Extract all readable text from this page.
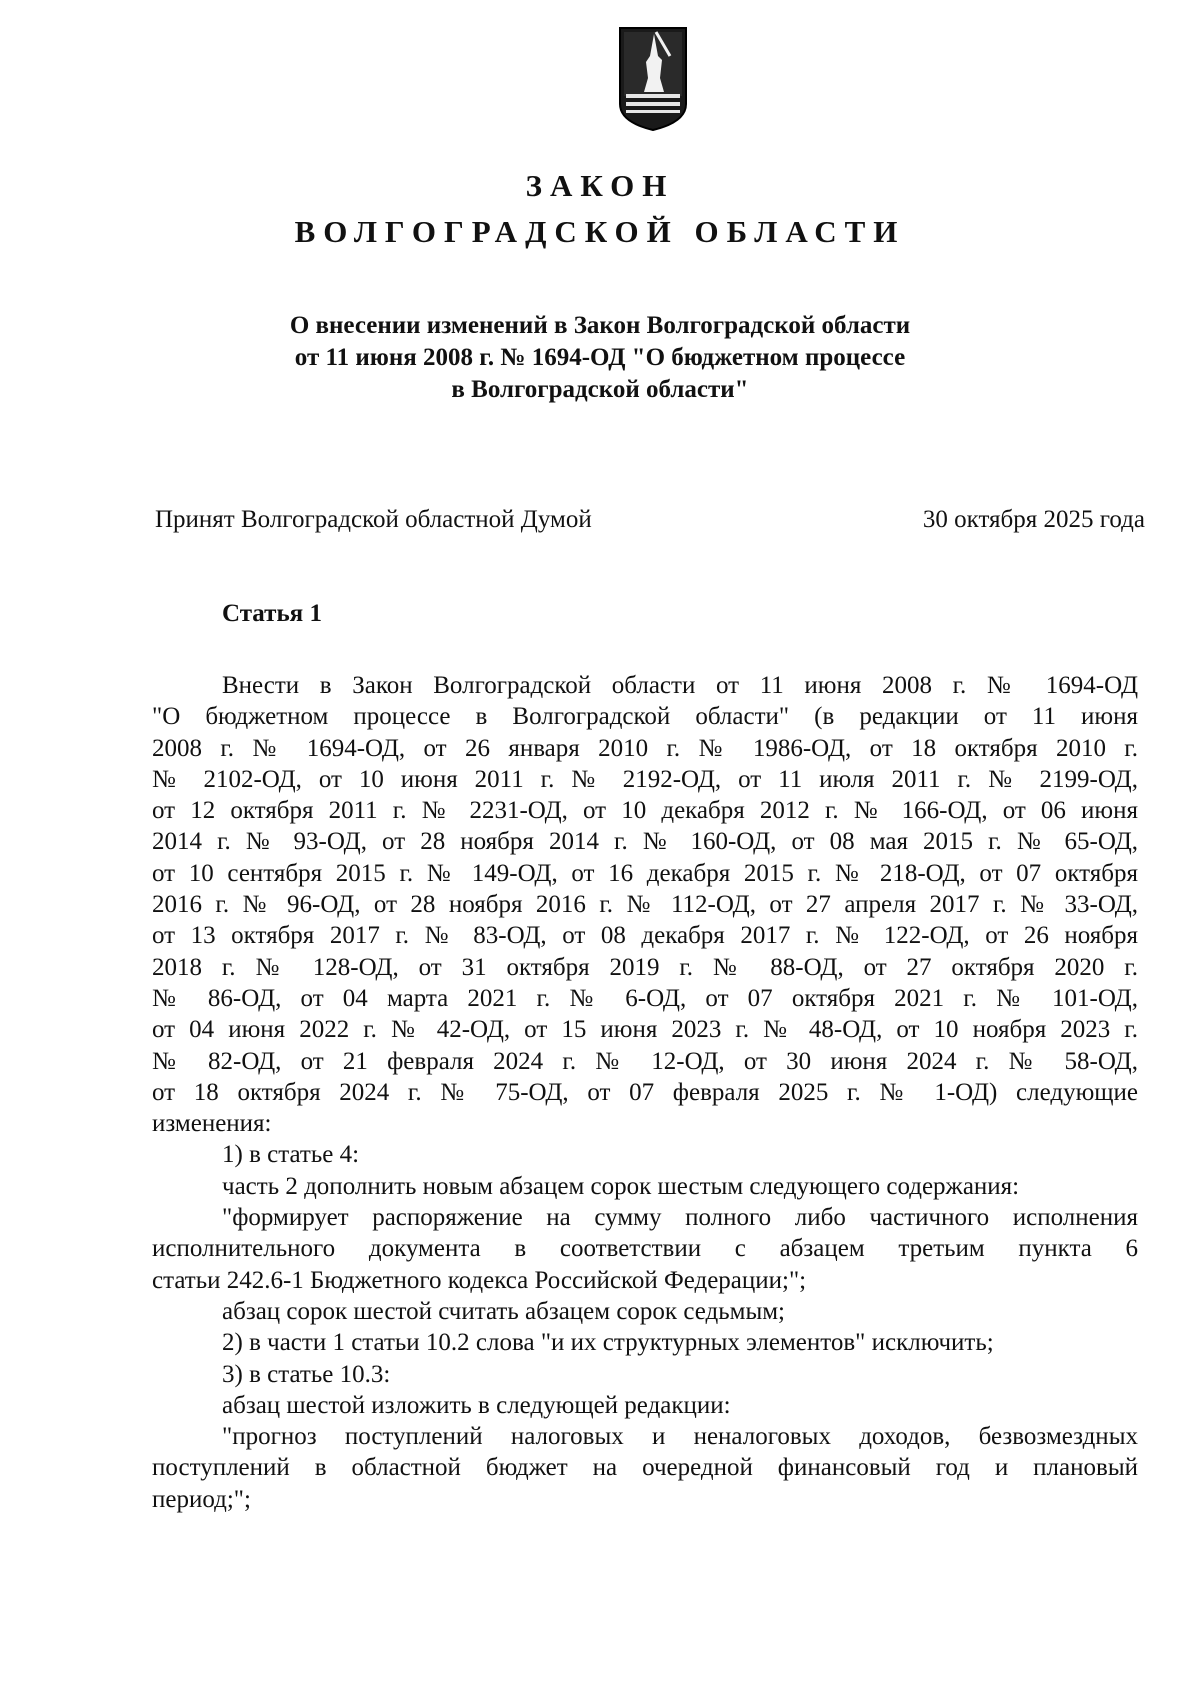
ЗАКОН
ВОЛГОГРАДСКОЙ ОБЛАСТИ
О внесении изменений в Закон Волгоградской области
от 11 июня 2008 г. № 1694-ОД "О бюджетном процессе
в Волгоградской области"
Принят Волгоградской областной Думой	30 октября 2025 года
Статья 1
Внести в Закон Волгоградской области от 11 июня 2008 г. № 1694-ОД
"О бюджетном процессе в Волгоградской области" (в редакции от 11 июня
2008 г. № 1694-ОД, от 26 января 2010 г. № 1986-ОД, от 18 октября 2010 г.
№ 2102-ОД, от 10 июня 2011 г. № 2192-ОД, от 11 июля 2011 г. № 2199-ОД,
от 12 октября 2011 г. № 2231-ОД, от 10 декабря 2012 г. № 166-ОД, от 06 июня
2014 г. № 93-ОД, от 28 ноября 2014 г. № 160-ОД, от 08 мая 2015 г. № 65-ОД,
от 10 сентября 2015 г. № 149-ОД, от 16 декабря 2015 г. № 218-ОД, от 07 октября
2016 г. № 96-ОД, от 28 ноября 2016 г. № 112-ОД, от 27 апреля 2017 г. № 33-ОД,
от 13 октября 2017 г. № 83-ОД, от 08 декабря 2017 г. № 122-ОД, от 26 ноября
2018 г. № 128-ОД, от 31 октября 2019 г. № 88-ОД, от 27 октября 2020 г.
№ 86-ОД, от 04 марта 2021 г. № 6-ОД, от 07 октября 2021 г. № 101-ОД,
от 04 июня 2022 г. № 42-ОД, от 15 июня 2023 г. № 48-ОД, от 10 ноября 2023 г.
№ 82-ОД, от 21 февраля 2024 г. № 12-ОД, от 30 июня 2024 г. № 58-ОД,
от 18 октября 2024 г. № 75-ОД, от 07 февраля 2025 г. № 1-ОД) следующие
изменения:
1) в статье 4:
часть 2 дополнить новым абзацем сорок шестым следующего содержания:
"формирует распоряжение на сумму полного либо частичного исполнения
исполнительного документа в соответствии с абзацем третьим пункта 6
статьи 242.6-1 Бюджетного кодекса Российской Федерации;";
абзац сорок шестой считать абзацем сорок седьмым;
2) в части 1 статьи 10.2 слова "и их структурных элементов" исключить;
3) в статье 10.3:
абзац шестой изложить в следующей редакции:
"прогноз поступлений налоговых и неналоговых доходов, безвозмездных
поступлений в областной бюджет на очередной финансовый год и плановый
период;";
